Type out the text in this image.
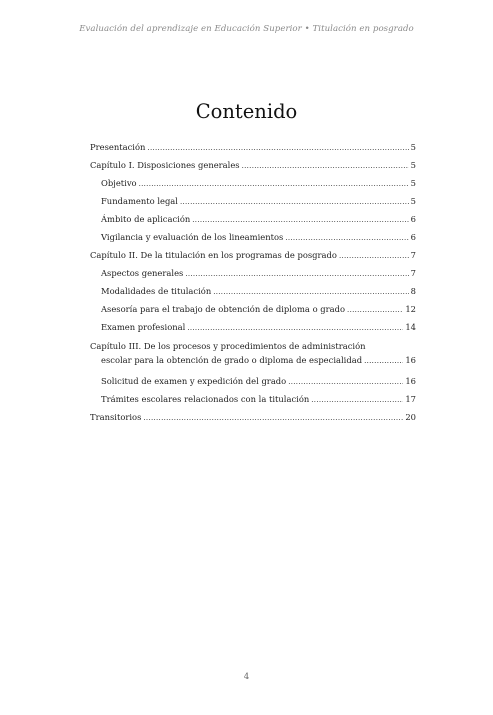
Evaluación del aprendizaje en Educación Superior • Titulación en posgrado
Contenido
Presentación .....	5
Capítulo I. Disposiciones generales .....	5
Objetivo .....	5
Fundamento legal .....	5
Ámbito de aplicación .....	6
Vigilancia y evaluación de los lineamientos .....	6
Capítulo II. De la titulación en los programas de posgrado .....	7
Aspectos generales .....	7
Modalidades de titulación .....	8
Asesoría para el trabajo de obtención de diploma o grado .....	12
Examen profesional .....	14
Capítulo III. De los procesos y procedimientos de administración
escolar para la obtención de grado o diploma de especialidad .....	16
Solicitud de examen y expedición del grado .....	16
Trámites escolares relacionados con la titulación .....	17
Transitorios .....	20
4
